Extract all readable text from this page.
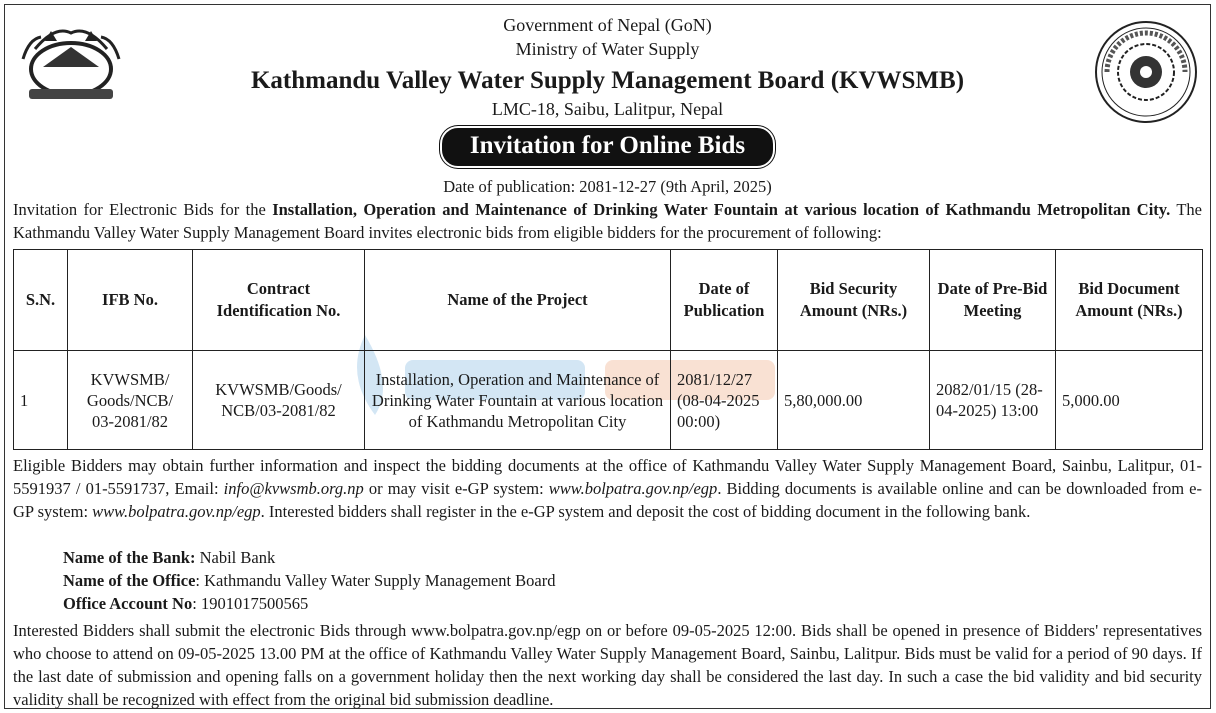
Government of Nepal (GoN)
Ministry of Water Supply
Kathmandu Valley Water Supply Management Board (KVWSMB)
LMC-18, Saibu, Lalitpur, Nepal
Invitation for Online Bids
Date of publication: 2081-12-27 (9th April, 2025)
Invitation for Electronic Bids for the Installation, Operation and Maintenance of Drinking Water Fountain at various location of Kathmandu Metropolitan City. The Kathmandu Valley Water Supply Management Board invites electronic bids from eligible bidders for the procurement of following:
S.N.	IFB No.	Contract Identification No.	Name of the Project	Date of Publication	Bid Security Amount (NRs.)	Date of Pre-Bid Meeting	Bid Document Amount (NRs.)
1	KVWSMB/ Goods/NCB/ 03-2081/82	KVWSMB/Goods/ NCB/03-2081/82	Installation, Operation and Maintenance of Drinking Water Fountain at various location of Kathmandu Metropolitan City	2081/12/27 (08-04-2025 00:00)	5,80,000.00	2082/01/15 (28-04-2025) 13:00	5,000.00
Eligible Bidders may obtain further information and inspect the bidding documents at the office of Kathmandu Valley Water Supply Management Board, Sainbu, Lalitpur, 01-5591937 / 01-5591737, Email: info@kvwsmb.org.np or may visit e-GP system: www.bolpatra.gov.np/egp. Bidding documents is available online and can be downloaded from e-GP system: www.bolpatra.gov.np/egp. Interested bidders shall register in the e-GP system and deposit the cost of bidding document in the following bank.
Name of the Bank: Nabil Bank
Name of the Office: Kathmandu Valley Water Supply Management Board
Office Account No: 1901017500565
Interested Bidders shall submit the electronic Bids through www.bolpatra.gov.np/egp on or before 09-05-2025 12:00. Bids shall be opened in presence of Bidders' representatives who choose to attend on 09-05-2025 13.00 PM at the office of Kathmandu Valley Water Supply Management Board, Sainbu, Lalitpur. Bids must be valid for a period of 90 days. If the last date of submission and opening falls on a government holiday then the next working day shall be considered the last day. In such a case the bid validity and bid security validity shall be recognized with effect from the original bid submission deadline.
